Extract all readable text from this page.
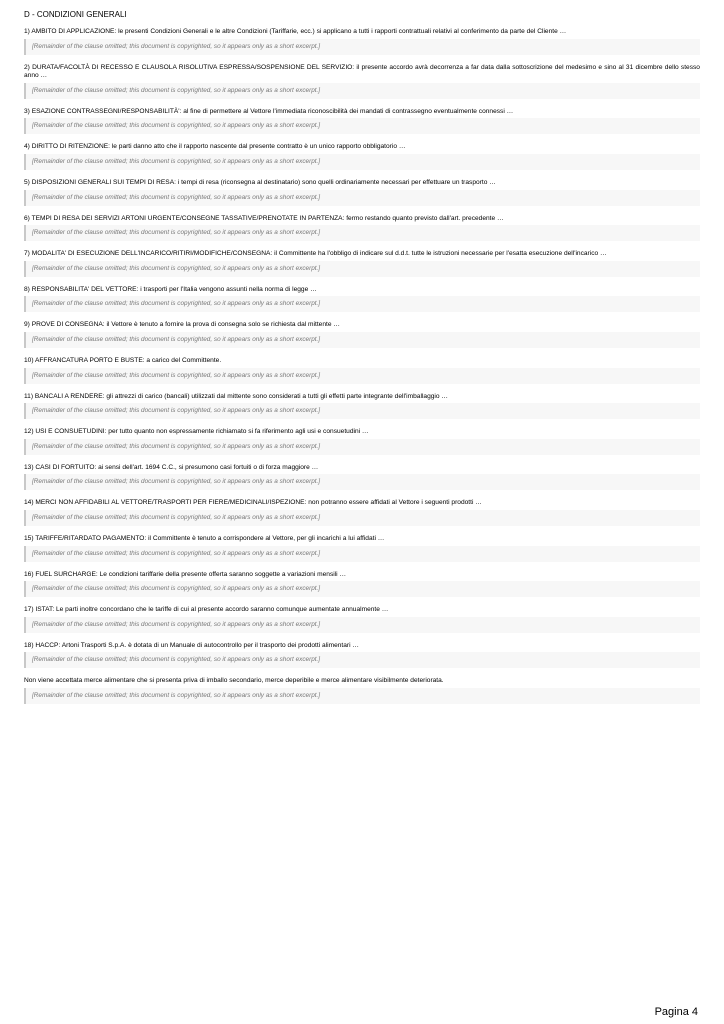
D - CONDIZIONI GENERALI
1) AMBITO DI APPLICAZIONE: le presenti Condizioni Generali e le altre Condizioni (Tariffarie, ecc.) si applicano a tutti i rapporti contrattuali relativi al conferimento da parte del Cliente …
[Remainder of the clause omitted; this document is copyrighted, so it appears only as a short excerpt.]
2) DURATA/FACOLTÀ DI RECESSO E CLAUSOLA RISOLUTIVA ESPRESSA/SOSPENSIONE DEL SERVIZIO: il presente accordo avrà decorrenza a far data dalla sottoscrizione del medesimo e sino al 31 dicembre dello stesso anno …
[Remainder of the clause omitted; this document is copyrighted, so it appears only as a short excerpt.]
3) ESAZIONE CONTRASSEGNI/RESPONSABILITÀ': al fine di permettere al Vettore l'immediata riconoscibilità dei mandati di contrassegno eventualmente connessi …
[Remainder of the clause omitted; this document is copyrighted, so it appears only as a short excerpt.]
4) DIRITTO DI RITENZIONE: le parti danno atto che il rapporto nascente dal presente contratto è un unico rapporto obbligatorio …
[Remainder of the clause omitted; this document is copyrighted, so it appears only as a short excerpt.]
5) DISPOSIZIONI GENERALI SUI TEMPI DI RESA: i tempi di resa (riconsegna al destinatario) sono quelli ordinariamente necessari per effettuare un trasporto …
[Remainder of the clause omitted; this document is copyrighted, so it appears only as a short excerpt.]
6) TEMPI DI RESA DEI SERVIZI ARTONI URGENTE/CONSEGNE TASSATIVE/PRENOTATE IN PARTENZA: fermo restando quanto previsto dall'art. precedente …
[Remainder of the clause omitted; this document is copyrighted, so it appears only as a short excerpt.]
7) MODALITA' DI ESECUZIONE DELL'INCARICO/RITIRI/MODIFICHE/CONSEGNA: il Committente ha l'obbligo di indicare sul d.d.t. tutte le istruzioni necessarie per l'esatta esecuzione dell'incarico …
[Remainder of the clause omitted; this document is copyrighted, so it appears only as a short excerpt.]
8) RESPONSABILITA' DEL VETTORE: i trasporti per l'Italia vengono assunti nella norma di legge …
[Remainder of the clause omitted; this document is copyrighted, so it appears only as a short excerpt.]
9) PROVE DI CONSEGNA: il Vettore è tenuto a fornire la prova di consegna solo se richiesta dal mittente …
[Remainder of the clause omitted; this document is copyrighted, so it appears only as a short excerpt.]
10) AFFRANCATURA PORTO E BUSTE: a carico del Committente.
[Remainder of the clause omitted; this document is copyrighted, so it appears only as a short excerpt.]
11) BANCALI A RENDERE: gli attrezzi di carico (bancali) utilizzati dal mittente sono considerati a tutti gli effetti parte integrante dell'imballaggio …
[Remainder of the clause omitted; this document is copyrighted, so it appears only as a short excerpt.]
12) USI E CONSUETUDINI: per tutto quanto non espressamente richiamato si fa riferimento agli usi e consuetudini …
[Remainder of the clause omitted; this document is copyrighted, so it appears only as a short excerpt.]
13) CASI DI FORTUITO: ai sensi dell'art. 1694 C.C., si presumono casi fortuiti o di forza maggiore …
[Remainder of the clause omitted; this document is copyrighted, so it appears only as a short excerpt.]
14) MERCI NON AFFIDABILI AL VETTORE/TRASPORTI PER FIERE/MEDICINALI/ISPEZIONE: non potranno essere affidati al Vettore i seguenti prodotti …
[Remainder of the clause omitted; this document is copyrighted, so it appears only as a short excerpt.]
15) TARIFFE/RITARDATO PAGAMENTO: il Committente è tenuto a corrispondere al Vettore, per gli incarichi a lui affidati …
[Remainder of the clause omitted; this document is copyrighted, so it appears only as a short excerpt.]
16) FUEL SURCHARGE: Le condizioni tariffarie della presente offerta saranno soggette a variazioni mensili …
[Remainder of the clause omitted; this document is copyrighted, so it appears only as a short excerpt.]
17) ISTAT: Le parti inoltre concordano che le tariffe di cui al presente accordo saranno comunque aumentate annualmente …
[Remainder of the clause omitted; this document is copyrighted, so it appears only as a short excerpt.]
18) HACCP:Artoni Trasporti S.p.A. è dotata di un Manuale di autocontrollo per il trasporto dei prodotti alimentari …
[Remainder of the clause omitted; this document is copyrighted, so it appears only as a short excerpt.]
Non viene accettata merce alimentare che si presenta priva di imballo secondario, merce deperibile e merce alimentare visibilmente deteriorata.
[Remainder of the clause omitted; this document is copyrighted, so it appears only as a short excerpt.]
Pagina 4
